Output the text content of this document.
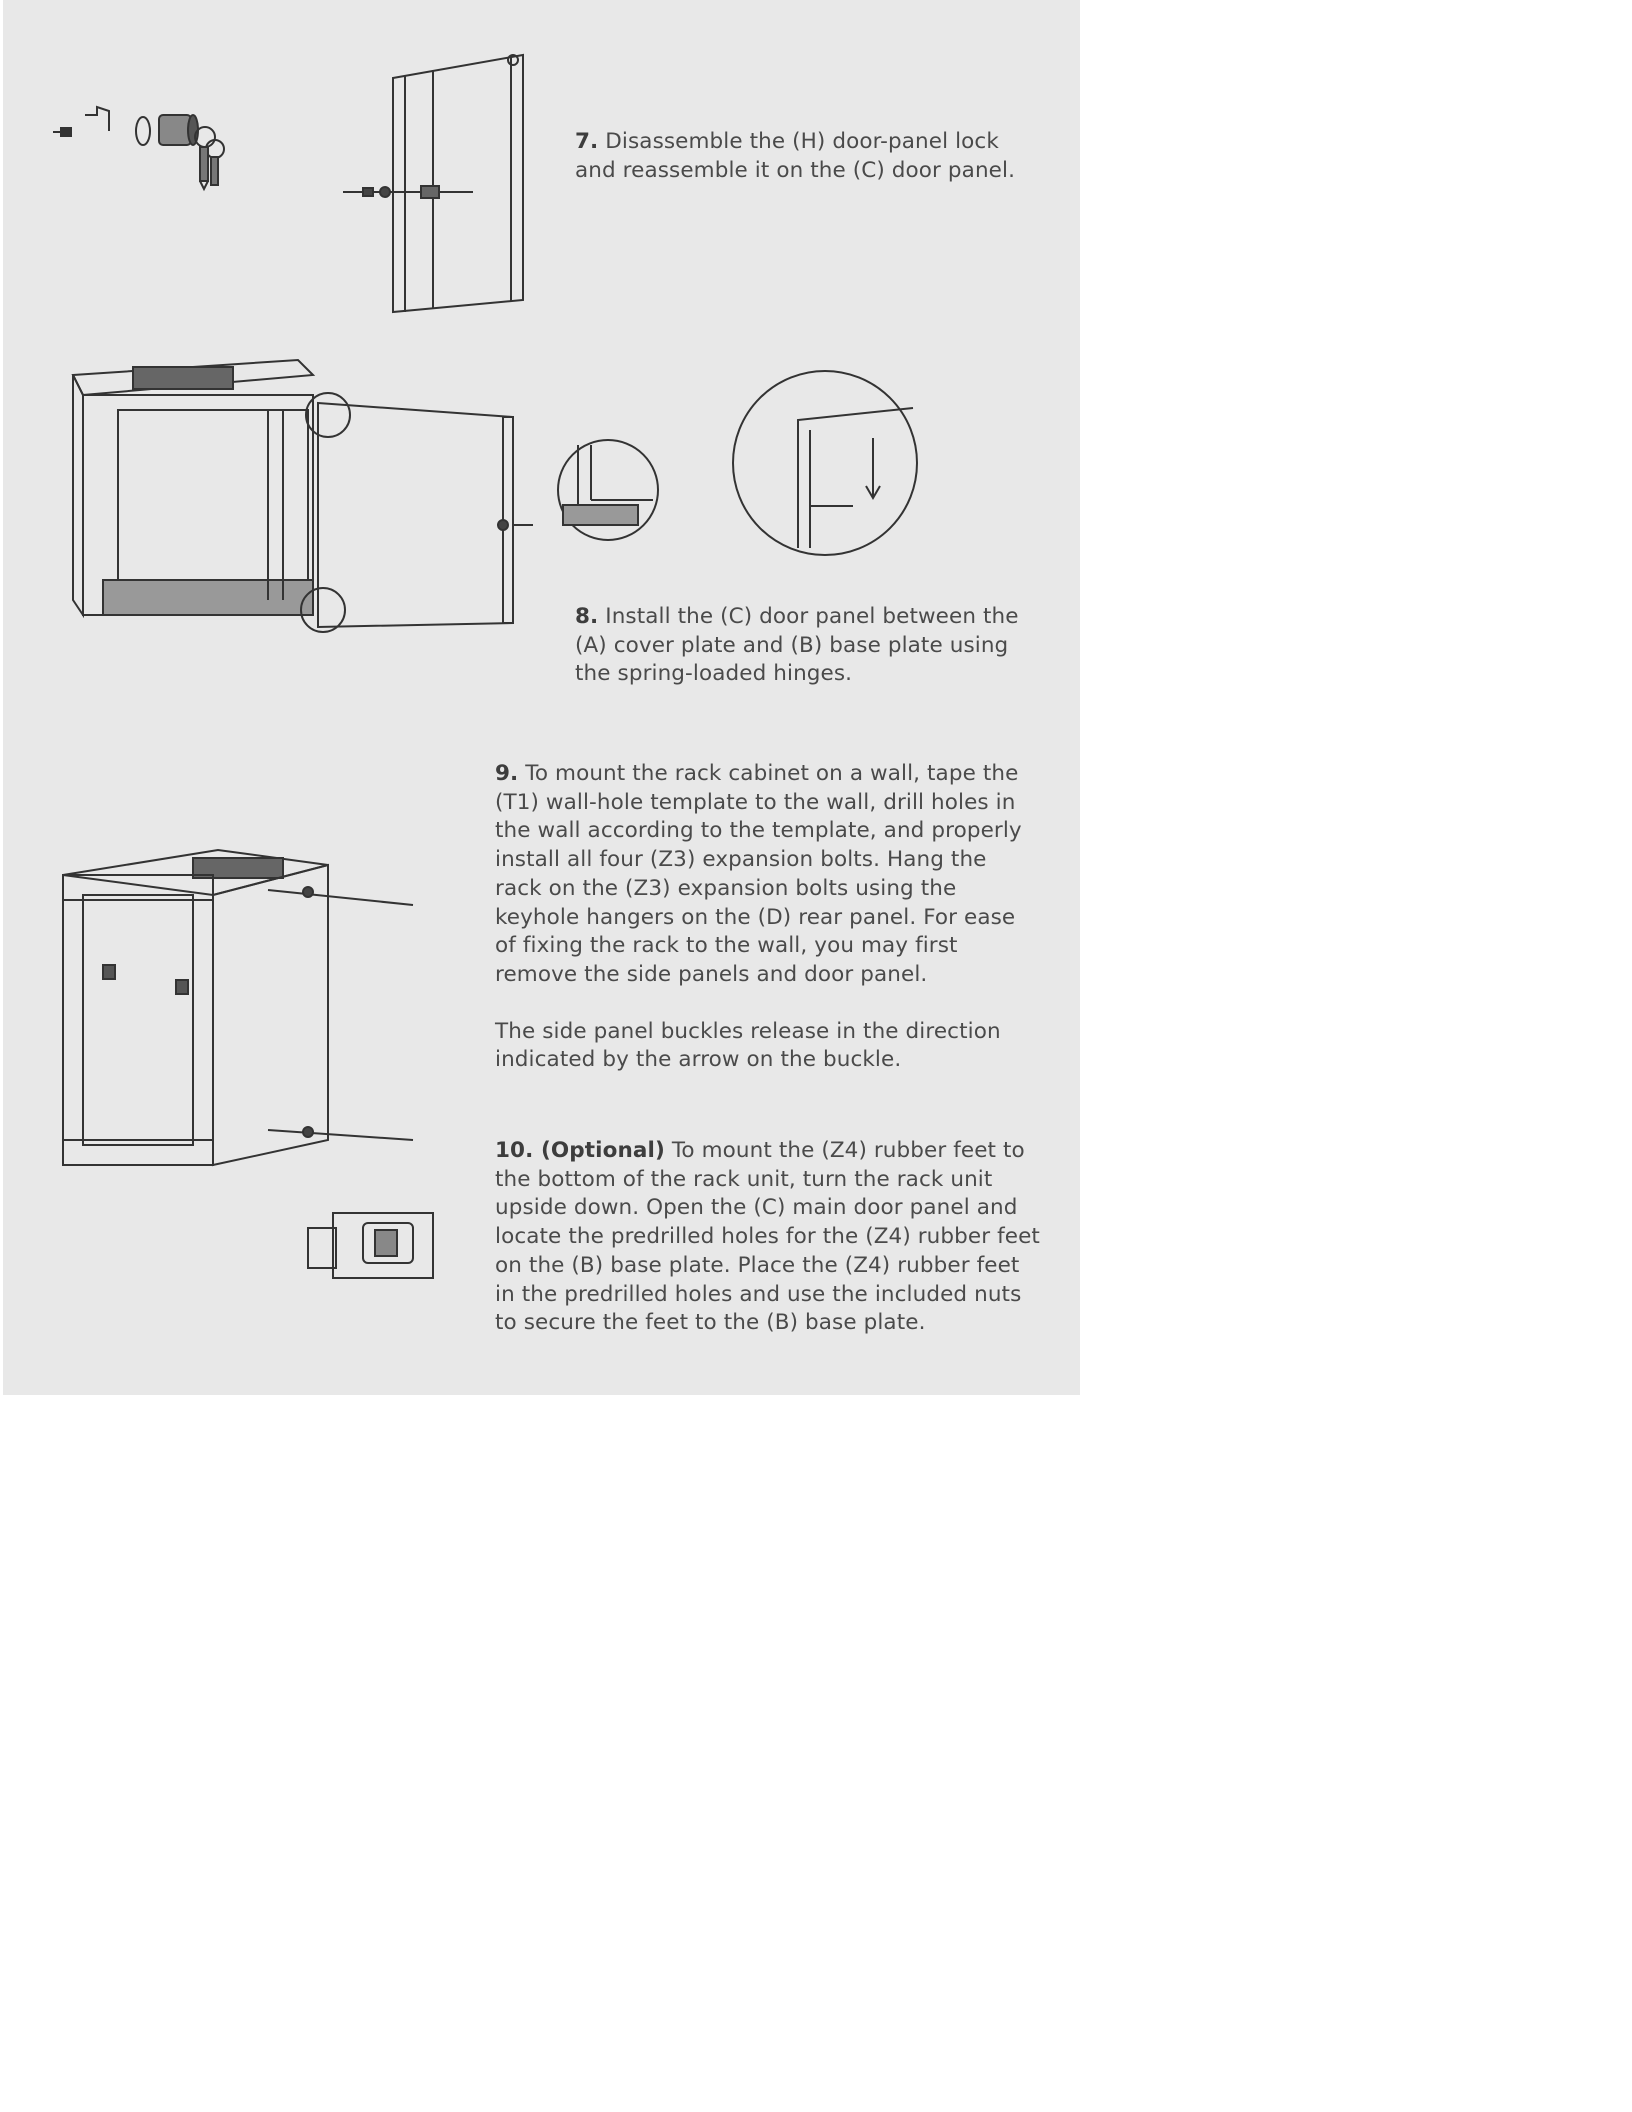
7. Disassemble the (H) door-panel lock and reassemble it on the (C) door panel.

8. Install the (C) door panel between the (A) cover plate and (B) base plate using the spring-loaded hinges.

9. To mount the rack cabinet on a wall, tape the (T1) wall-hole template to the wall, drill holes in the wall according to the template, and properly install all four (Z3) expansion bolts. Hang the rack on the (Z3) expansion bolts using the keyhole hangers on the (D) rear panel. For ease of fixing the rack to the wall, you may first remove the side panels and door panel.

The side panel buckles release in the direction indicated by the arrow on the buckle.

10. (Optional) To mount the (Z4) rubber feet to the bottom of the rack unit, turn the rack unit upside down. Open the (C) main door panel and locate the predrilled holes for the (Z4) rubber feet on the (B) base plate. Place the (Z4) rubber feet in the predrilled holes and use the included nuts to secure the feet to the (B) base plate.
